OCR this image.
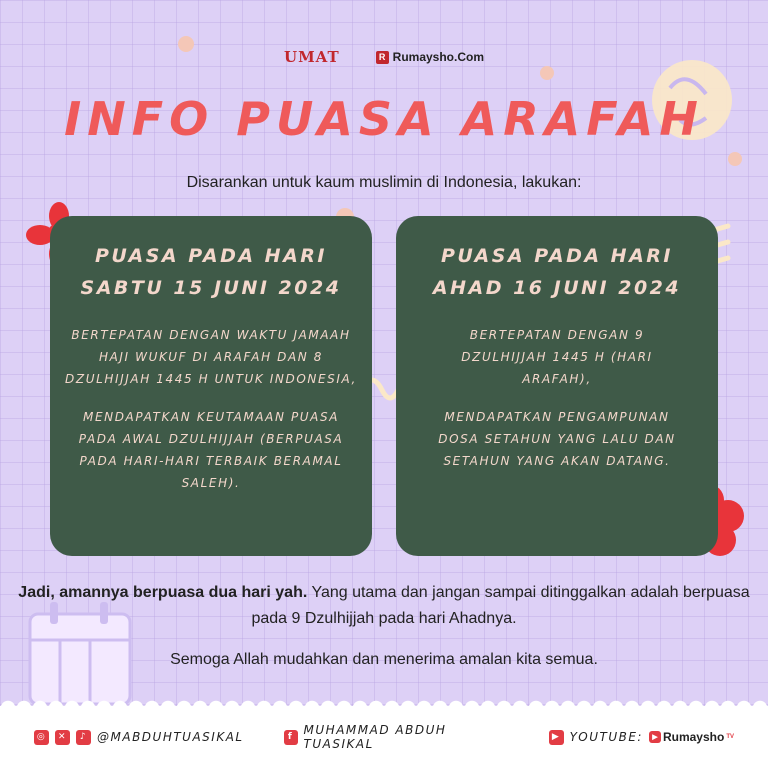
UMAT	R Rumaysho.Com
INFO PUASA ARAFAH
Disarankan untuk kaum muslimin di Indonesia, lakukan:
PUASA PADA HARI
SABTU 15 JUNI 2024

BERTEPATAN DENGAN WAKTU JAMAAH HAJI WUKUF DI ARAFAH DAN 8 DZULHIJJAH 1445 H UNTUK INDONESIA,

MENDAPATKAN KEUTAMAAN PUASA PADA AWAL DZULHIJJAH (BERPUASA PADA HARI-HARI TERBAIK BERAMAL SALEH).

PUASA PADA HARI
AHAD 16 JUNI 2024

BERTEPATAN DENGAN 9 DZULHIJJAH 1445 H (HARI ARAFAH),

MENDAPATKAN PENGAMPUNAN DOSA SETAHUN YANG LALU DAN SETAHUN YANG AKAN DATANG.

Jadi, amannya berpuasa dua hari yah. Yang utama dan jangan sampai ditinggalkan adalah berpuasa pada 9 Dzulhijjah pada hari Ahadnya.
Semoga Allah mudahkan dan menerima amalan kita semua.
◎	✕	♪ @MABDUHTUASIKAL	f MUHAMMAD ABDUH TUASIKAL	▶ YOUTUBE:	▶ Rumaysho TV
